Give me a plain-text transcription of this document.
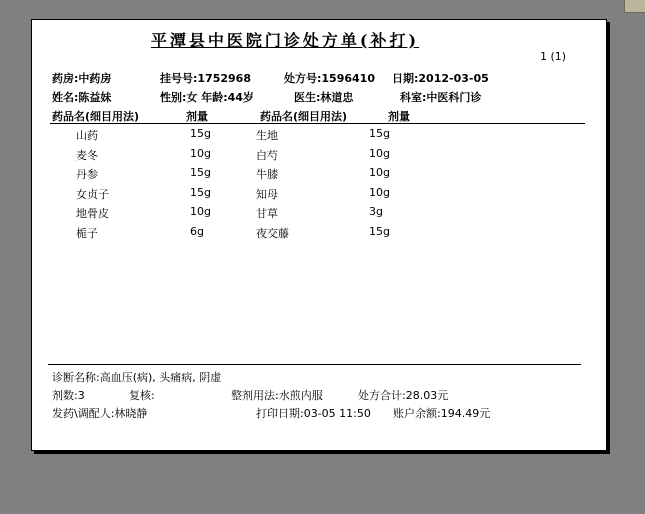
平潭县中医院门诊处方单(补打)
1 (1)
药房:中药房	挂号号:1752968	处方号:1596410 日期:2012-03-05
姓名:陈益妹	性别:女 年龄:44岁	医生:林道忠	科室:中医科门诊
药品名(细目用法)	剂量	药品名(细目用法)	剂量
山药	15g	生地	15g
麦冬	10g	白芍	10g
丹参	15g	牛膝	10g
女贞子	15g	知母	10g
地骨皮	10g	甘草	3g
栀子	6g	夜交藤	15g
诊断名称:高血压(病), 头痛病, 阴虚
剂数:3	复核:	整剂用法:水煎内服	处方合计:28.03元
发药\调配人:林晓静	打印日期:03-05 11:50 账户余额:194.49元
